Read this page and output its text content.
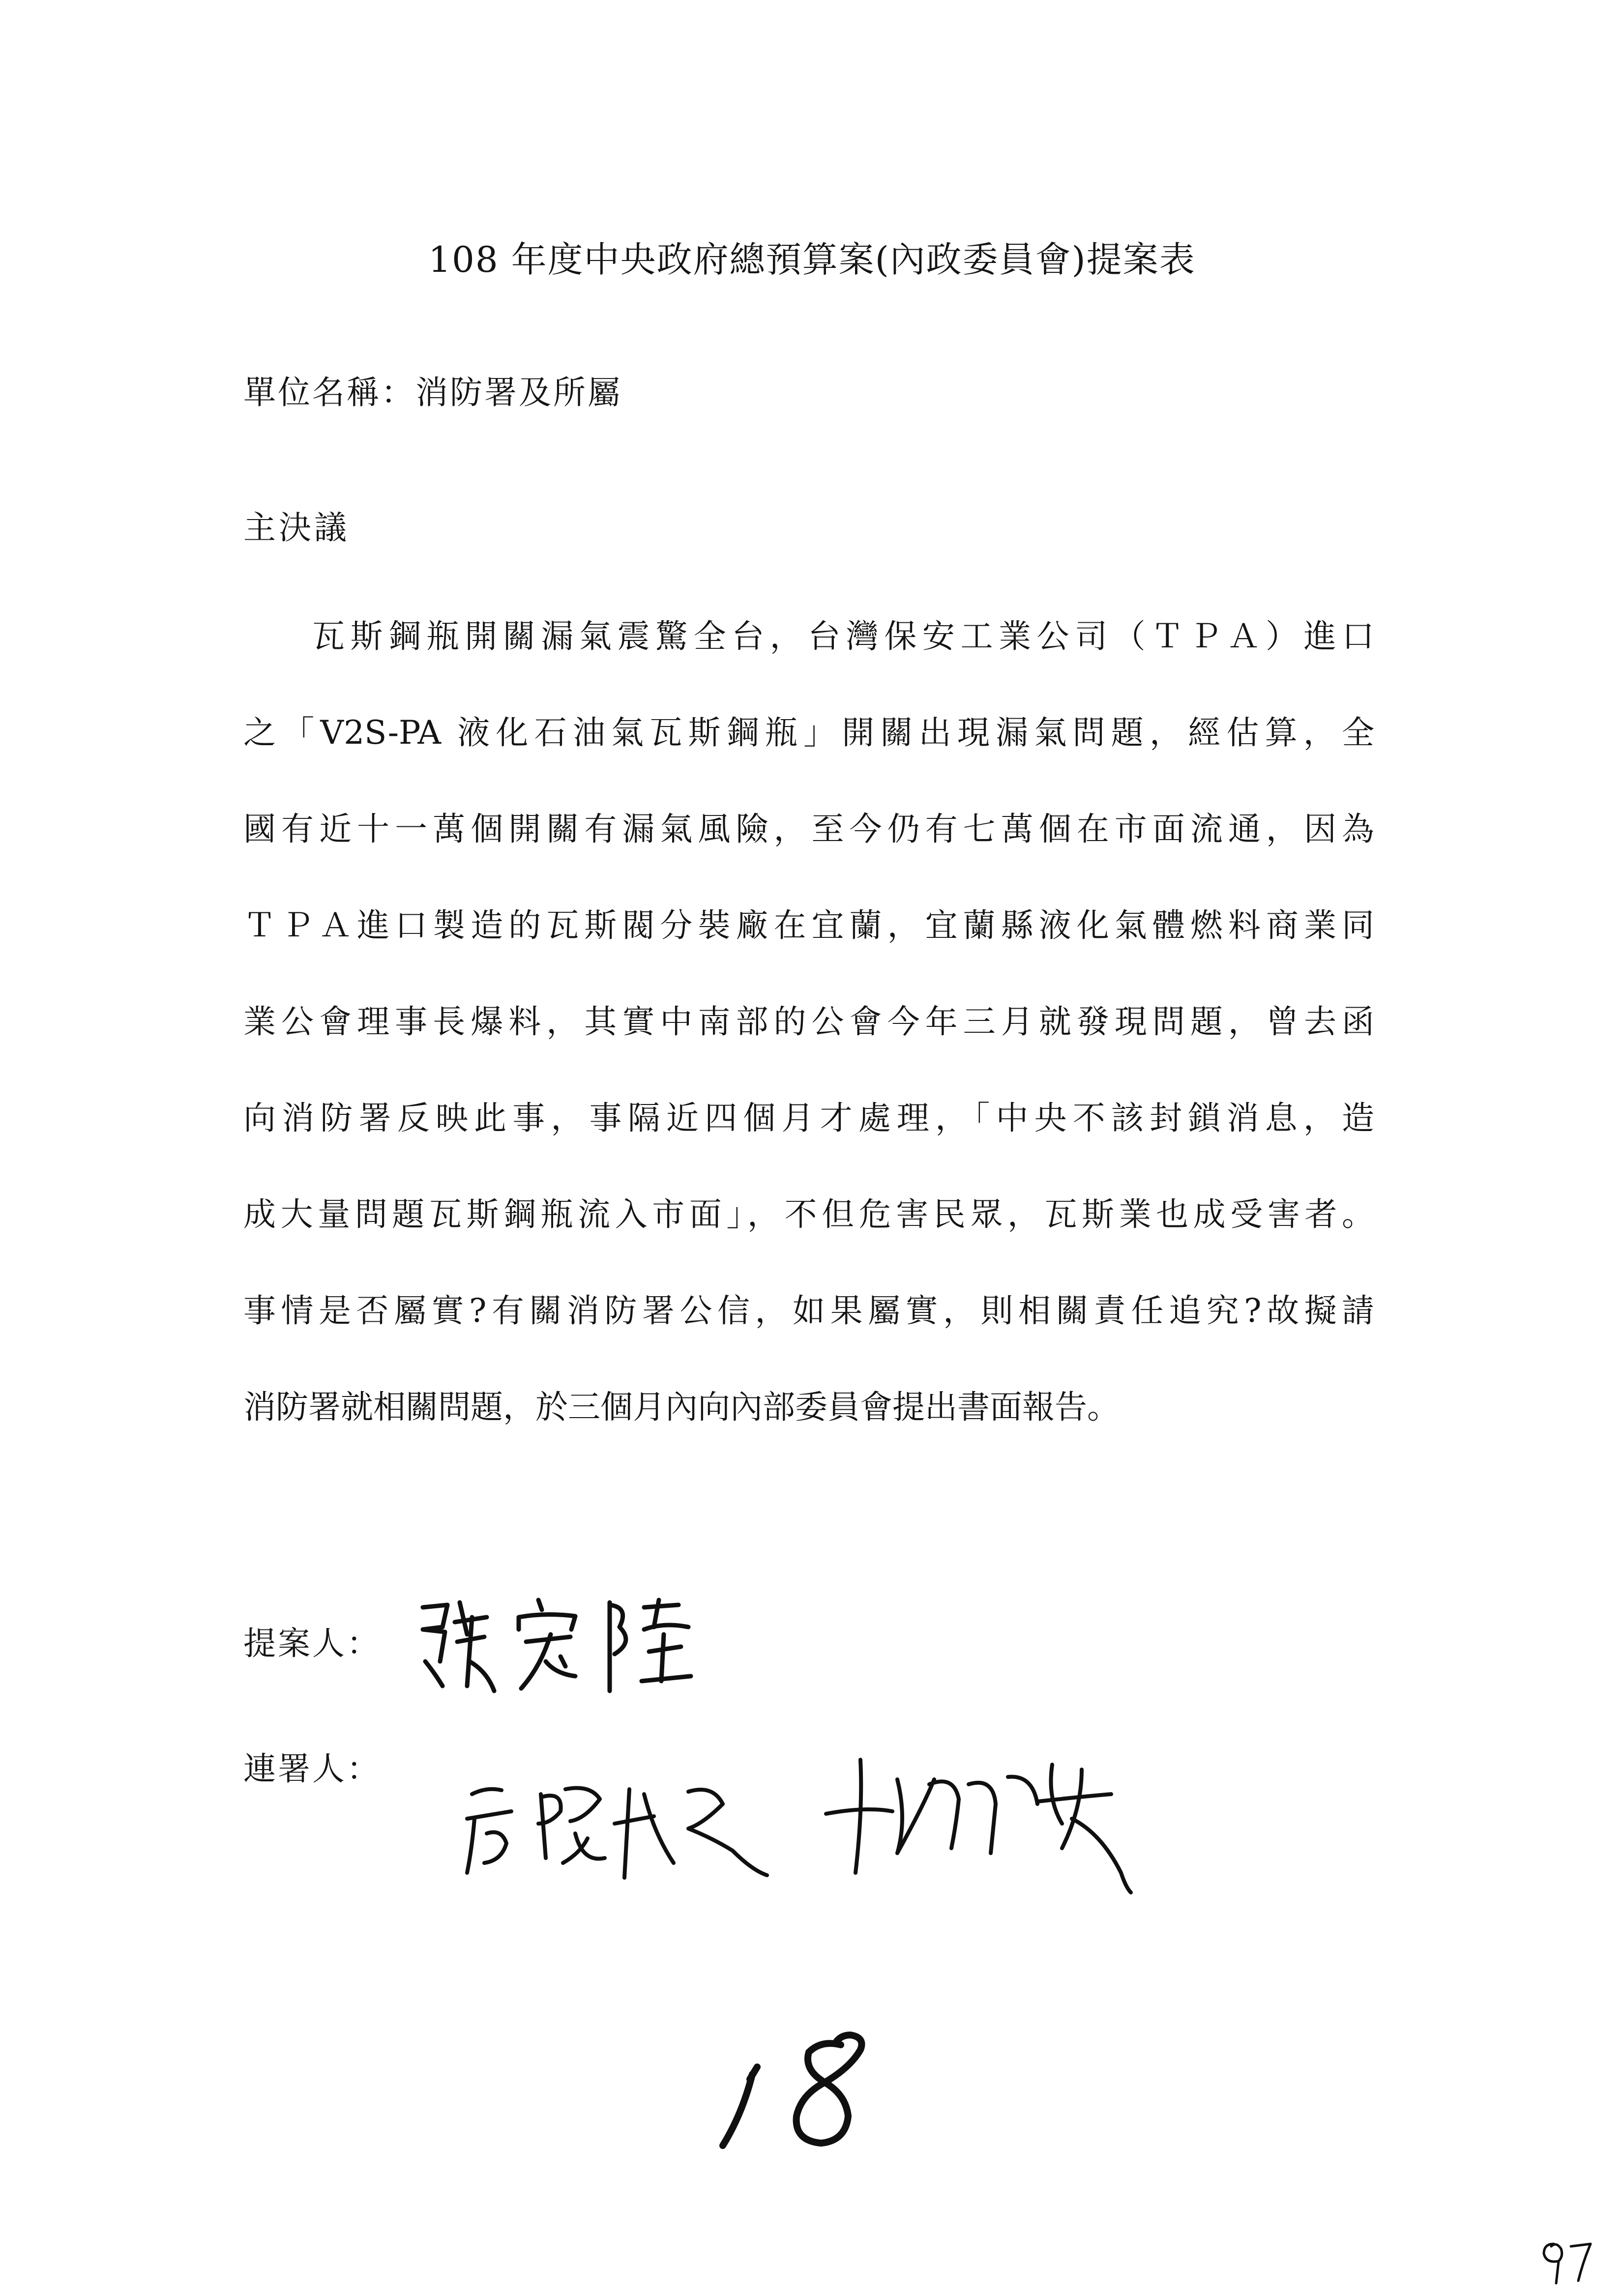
108 年度中央政府總預算案(內政委員會)提案表
單位名稱：消防署及所屬
主決議
瓦斯鋼瓶開關漏氣震驚全台，台灣保安工業公司（ＴＰＡ）進口
之「V2S-PA 液化石油氣瓦斯鋼瓶」開關出現漏氣問題，經估算，全
國有近十一萬個開關有漏氣風險，至今仍有七萬個在市面流通，因為
ＴＰＡ進口製造的瓦斯閥分裝廠在宜蘭，宜蘭縣液化氣體燃料商業同
業公會理事長爆料，其實中南部的公會今年三月就發現問題，曾去函
向消防署反映此事，事隔近四個月才處理，「中央不該封鎖消息，造
成大量問題瓦斯鋼瓶流入市面」，不但危害民眾，瓦斯業也成受害者。
事情是否屬實?有關消防署公信，如果屬實，則相關責任追究?故擬請
消防署就相關問題，於三個月內向內部委員會提出書面報告。
提案人：
連署人：
